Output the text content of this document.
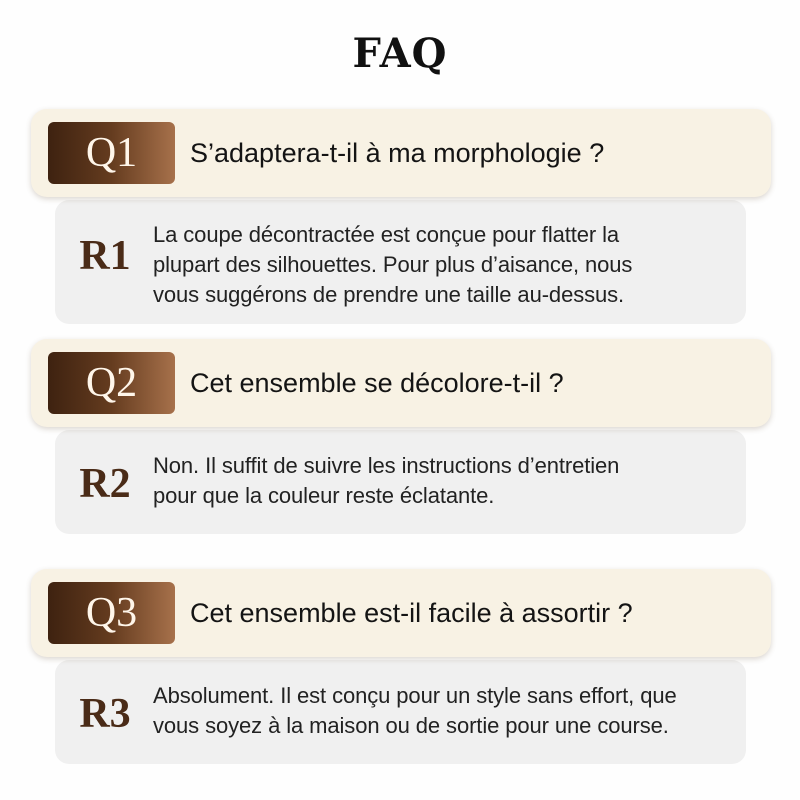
FAQ
R1	La coupe décontractée est conçue pour flatter la
plupart des silhouettes. Pour plus d’aisance, nous
vous suggérons de prendre une taille au-dessus.
Q1	S’adaptera-t-il à ma morphologie ?
R2	Non. Il suffit de suivre les instructions d’entretien
pour que la couleur reste éclatante.
Q2	Cet ensemble se décolore-t-il ?
R3	Absolument. Il est conçu pour un style sans effort, que
vous soyez à la maison ou de sortie pour une course.
Q3	Cet ensemble est-il facile à assortir ?
